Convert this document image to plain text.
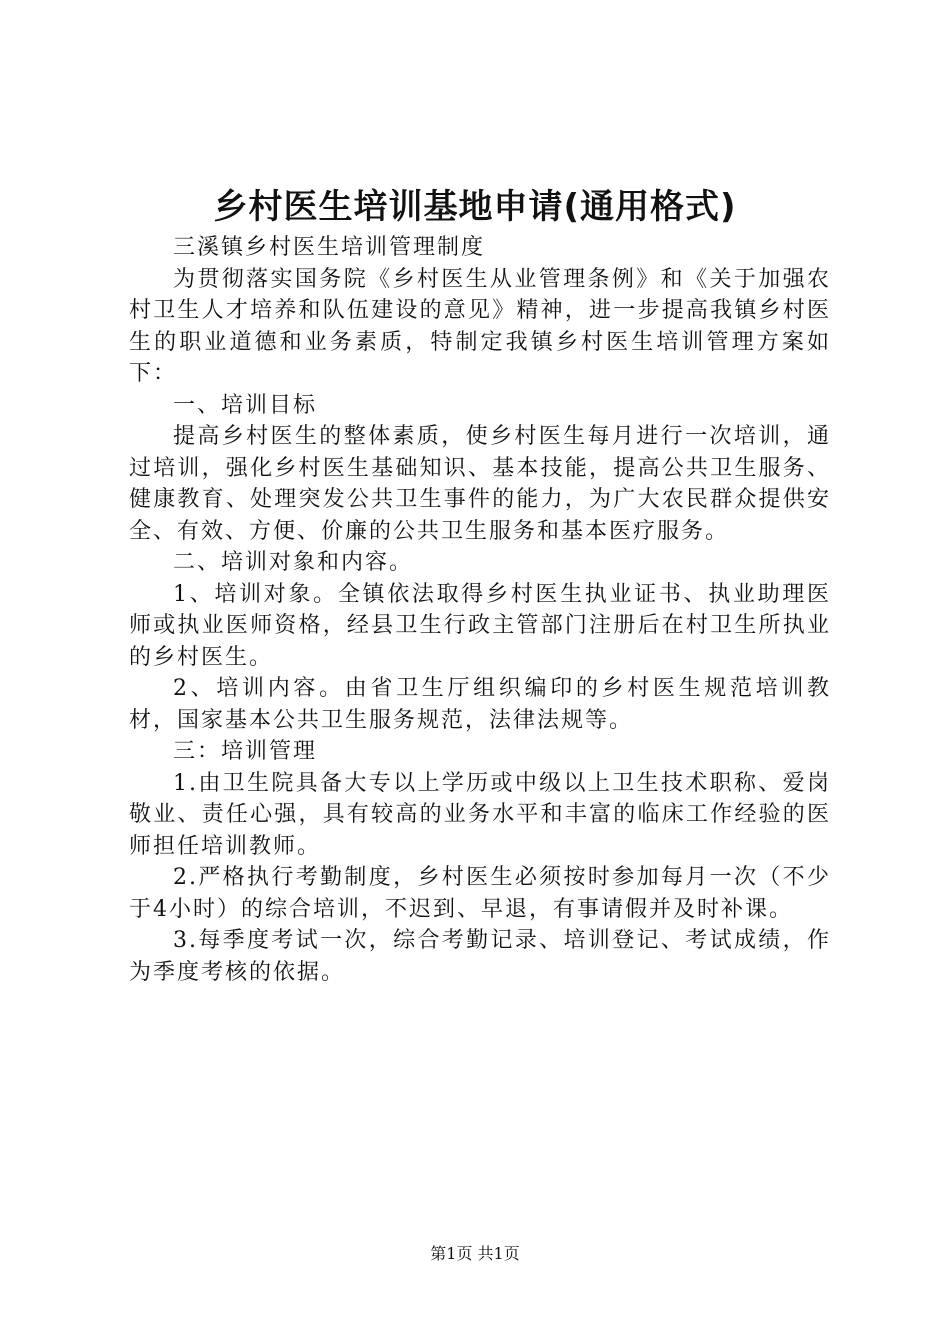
乡村医生培训基地申请(通用格式)

三溪镇乡村医生培训管理制度

为贯彻落实国务院《乡村医生从业管理条例》和《关于加强农村卫生人才培养和队伍建设的意见》精神，进一步提高我镇乡村医生的职业道德和业务素质，特制定我镇乡村医生培训管理方案如下：

一、培训目标

提高乡村医生的整体素质，使乡村医生每月进行一次培训，通过培训，强化乡村医生基础知识、基本技能，提高公共卫生服务、健康教育、处理突发公共卫生事件的能力，为广大农民群众提供安全、有效、方便、价廉的公共卫生服务和基本医疗服务。

二、培训对象和内容。

1、培训对象。全镇依法取得乡村医生执业证书、执业助理医师或执业医师资格，经县卫生行政主管部门注册后在村卫生所执业的乡村医生。

2、培训内容。由省卫生厅组织编印的乡村医生规范培训教材，国家基本公共卫生服务规范，法律法规等。

三：培训管理

1.由卫生院具备大专以上学历或中级以上卫生技术职称、爱岗敬业、责任心强，具有较高的业务水平和丰富的临床工作经验的医师担任培训教师。

2.严格执行考勤制度，乡村医生必须按时参加每月一次（不少于4小时）的综合培训，不迟到、早退，有事请假并及时补课。

3.每季度考试一次，综合考勤记录、培训登记、考试成绩，作为季度考核的依据。

第1页 共1页
